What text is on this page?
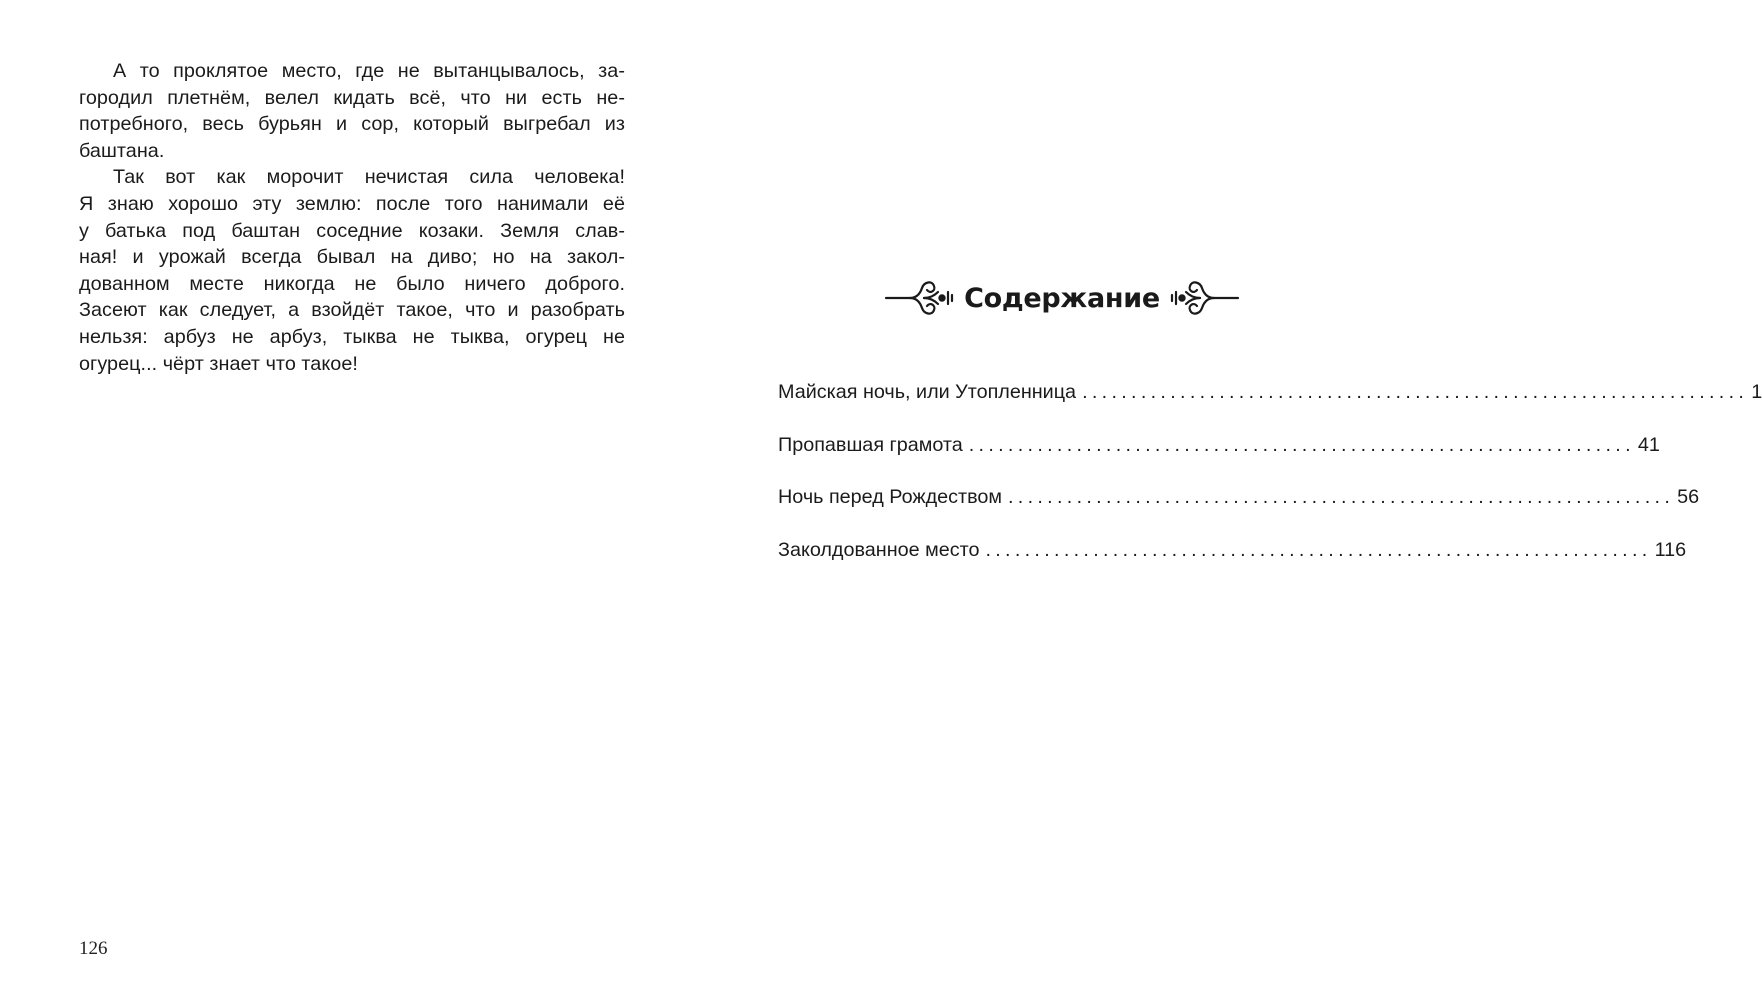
А то проклятое место, где не вытанцывалось, за-
городил плетнём, велел кидать всё, что ни есть не-
потребного, весь бурьян и сор, который выгребал из
баштана.

Так вот как морочит нечистая сила человека!
Я знаю хорошо эту землю: после того нанимали её
у батька под баштан соседние козаки. Земля слав-
ная! и урожай всегда бывал на диво; но на закол-
дованном месте никогда не было ничего доброго.
Засеют как следует, а взойдёт такое, что и разобрать
нельзя: арбуз не арбуз, тыква не тыква, огурец не
огурец... чёрт знает что такое!

126
Содержание
Майская ночь, или Утопленница .................................................................... 1
Пропавшая грамота .................................................................... 41
Ночь перед Рождеством .................................................................... 56
Заколдованное место .................................................................... 116
